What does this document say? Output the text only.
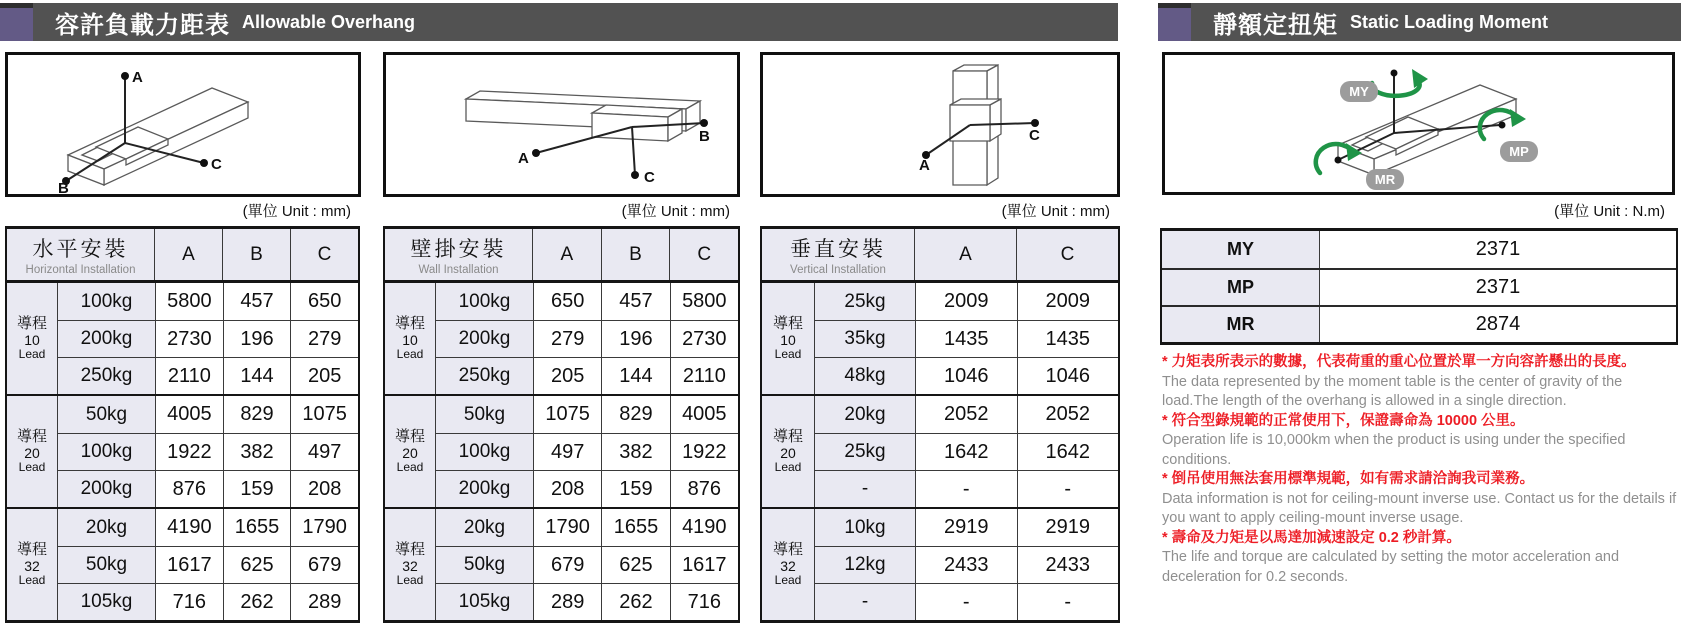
容許負載力距表 Allowable Overhang	靜額定扭矩 Static Loading Moment
A
C
B
A
B
C
A
C
MY
MP
MR
(單位 Unit : mm)	(單位 Unit : mm)	(單位 Unit : mm)	(單位 Unit : N.m)
水平安裝
Horizontal Installation
A	B	C
導程
10
Lead
100kg	5800	457	650
200kg	2730	196	279
250kg	2110	144	205
導程
20
Lead
50kg	4005	829	1075
100kg	1922	382	497
200kg	876	159	208
導程
32
Lead
20kg	4190	1655	1790
50kg	1617	625	679
105kg	716	262	289
壁掛安裝
Wall Installation
A	B	C
導程
10
Lead
100kg	650	457	5800
200kg	279	196	2730
250kg	205	144	2110
導程
20
Lead
50kg	1075	829	4005
100kg	497	382	1922
200kg	208	159	876
導程
32
Lead
20kg	1790	1655	4190
50kg	679	625	1617
105kg	289	262	716
垂直安裝
Vertical Installation
A	C
導程
10
Lead
25kg	2009	2009
35kg	1435	1435
48kg	1046	1046
導程
20
Lead
20kg	2052	2052
25kg	1642	1642
-	-	-
導程
32
Lead
10kg	2919	2919
12kg	2433	2433
-	-	-
MY	2371
MP	2371
MR	2874
* 力矩表所表示的數據，代表荷重的重心位置於單一方向容許懸出的長度。
The data represented by the moment table is the center of gravity of the load.The length of the overhang is allowed in a single direction.
* 符合型錄規範的正常使用下，保證壽命為 10000 公里。
Operation life is 10,000km when the product is using under the specified conditions.
* 倒吊使用無法套用標準規範，如有需求請洽詢我司業務。
Data information is not for ceiling-mount inverse use. Contact us for the details if you want to apply ceiling-mount inverse usage.
* 壽命及力矩是以馬達加減速設定 0.2 秒計算。
The life and torque are calculated by setting the motor acceleration and deceleration for 0.2 seconds.
